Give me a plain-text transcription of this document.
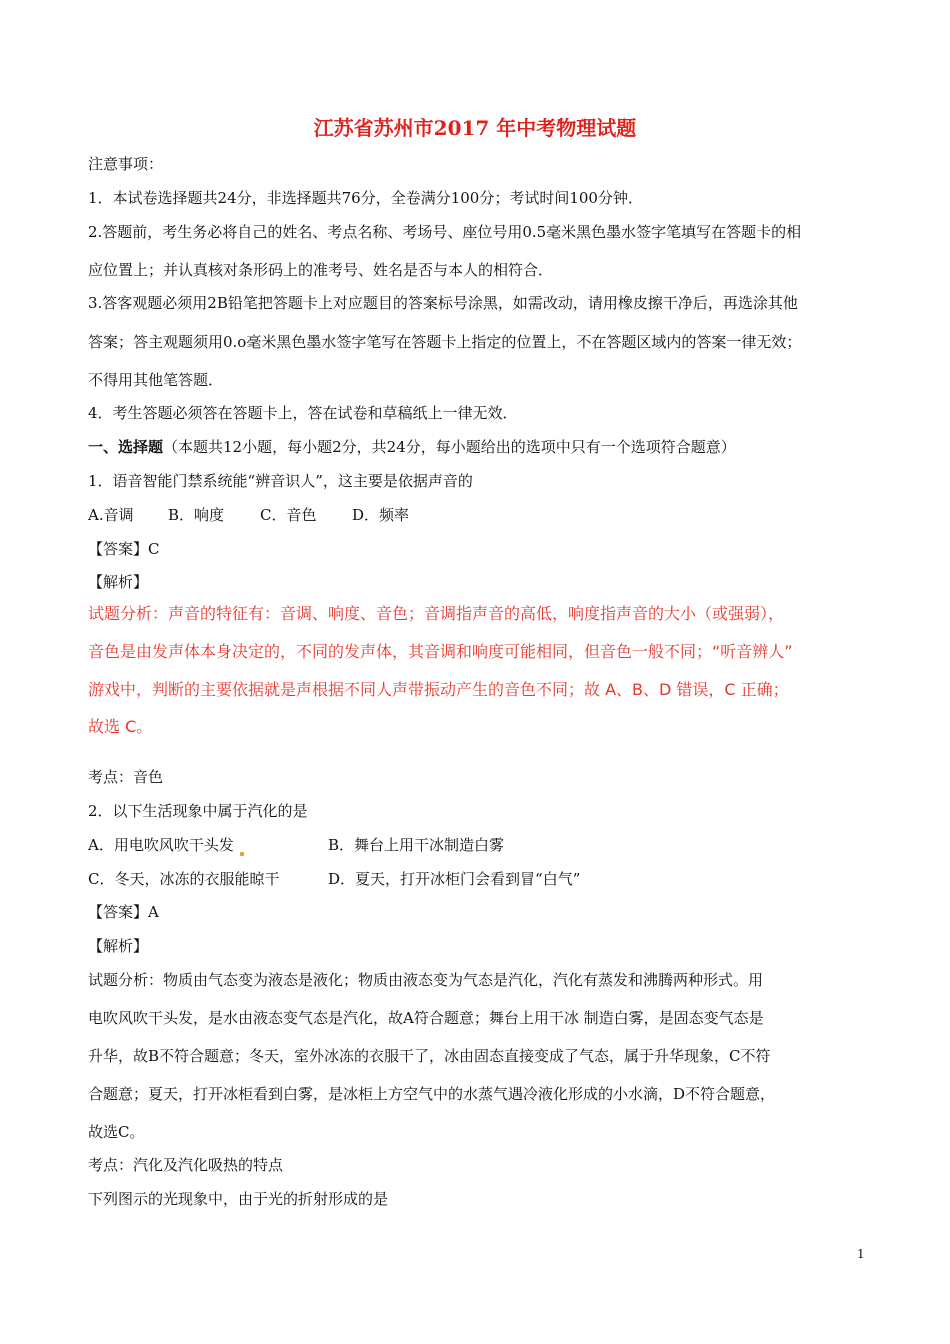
江苏省苏州市2017 年中考物理试题
注意事项：
1．本试卷选择题共24分，非选择题共76分，全卷满分100分；考试时间100分钟．
2.答题前，考生务必将自己的姓名、考点名称、考场号、座位号用0.5毫米黑色墨水签字笔填写在答题卡的相
应位置上；并认真核对条形码上的准考号、姓名是否与本人的相符合．
3.答客观题必须用2B铅笔把答题卡上对应题目的答案标号涂黑，如需改动，请用橡皮擦干净后，再选涂其他
答案；答主观题须用0.o毫米黑色墨水签字笔写在答题卡上指定的位置上，不在答题区域内的答案一律无效；
不得用其他笔答题．
4．考生答题必须答在答题卡上，答在试卷和草稿纸上一律无效．
一、选择题（本题共12小题，每小题2分，共24分，每小题给出的选项中只有一个选项符合题意）
1．语音智能门禁系统能“辨音识人”，这主要是依据声音的
A.音调 B．响度 C．音色 D．频率
【答案】C
【解析】
试题分析：声音的特征有：音调、响度、音色；音调指声音的高低，响度指声音的大小（或强弱），
音色是由发声体本身决定的，不同的发声体，其音调和响度可能相同，但音色一般不同；“听音辨人”
游戏中，判断的主要依据就是声根据不同人声带振动产生的音色不同；故 A、B、D 错误，C 正确；
故选 C。
考点：音色
2．以下生活现象中属于汽化的是
A．用电吹风吹干头发	B．舞台上用干冰制造白雾
C．冬天，冰冻的衣服能晾干	D．夏天，打开冰柜门会看到冒“白气”
【答案】A
【解析】
试题分析：物质由气态变为液态是液化；物质由液态变为气态是汽化，汽化有蒸发和沸腾两种形式。用
电吹风吹干头发，是水由液态变气态是汽化，故A符合题意；舞台上用干冰 制造白雾，是固态变气态是
升华，故B不符合题意；冬天，室外冰冻的衣服干了，冰由固态直接变成了气态，属于升华现象，C不符
合题意；夏天，打开冰柜看到白雾，是冰柜上方空气中的水蒸气遇冷液化形成的小水滴，D不符合题意，
故选C。
考点：汽化及汽化吸热的特点
下列图示的光现象中，由于光的折射形成的是
1
